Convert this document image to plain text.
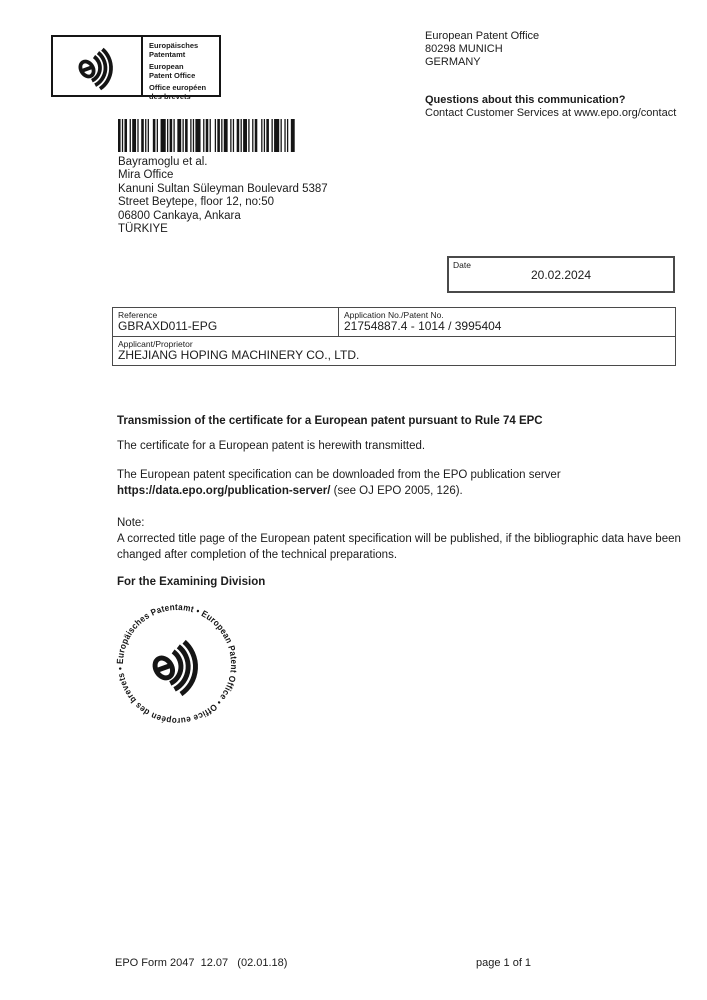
Europäisches
Patentamt
European
Patent Office
Office européen
des brevets
European Patent Office
80298 MUNICH
GERMANY
Questions about this communication?
Contact Customer Services at www.epo.org/contact
Bayramoglu et al.
Mira Office
Kanuni Sultan Süleyman Boulevard 5387
Street Beytepe, floor 12, no:50
06800 Cankaya, Ankara
TÜRKIYE
Date
20.02.2024
Reference
GBRAXD011-EPG
Application No./Patent No.
21754887.4 - 1014 / 3995404
Applicant/Proprietor
ZHEJIANG HOPING MACHINERY CO., LTD.
Transmission of the certificate for a European patent pursuant to Rule 74 EPC
The certificate for a European patent is herewith transmitted.
The European patent specification can be downloaded from the EPO publication server
https://data.epo.org/publication-server/ (see OJ EPO 2005, 126).
Note:
A corrected title page of the European patent specification will be published, if the bibliographic data have been changed after completion of the technical preparations.
For the Examining Division
Europäisches Patentamt • European Patent Office • Office européen des brevets •
EPO Form 2047  12.07   (02.01.18)	page 1 of 1
